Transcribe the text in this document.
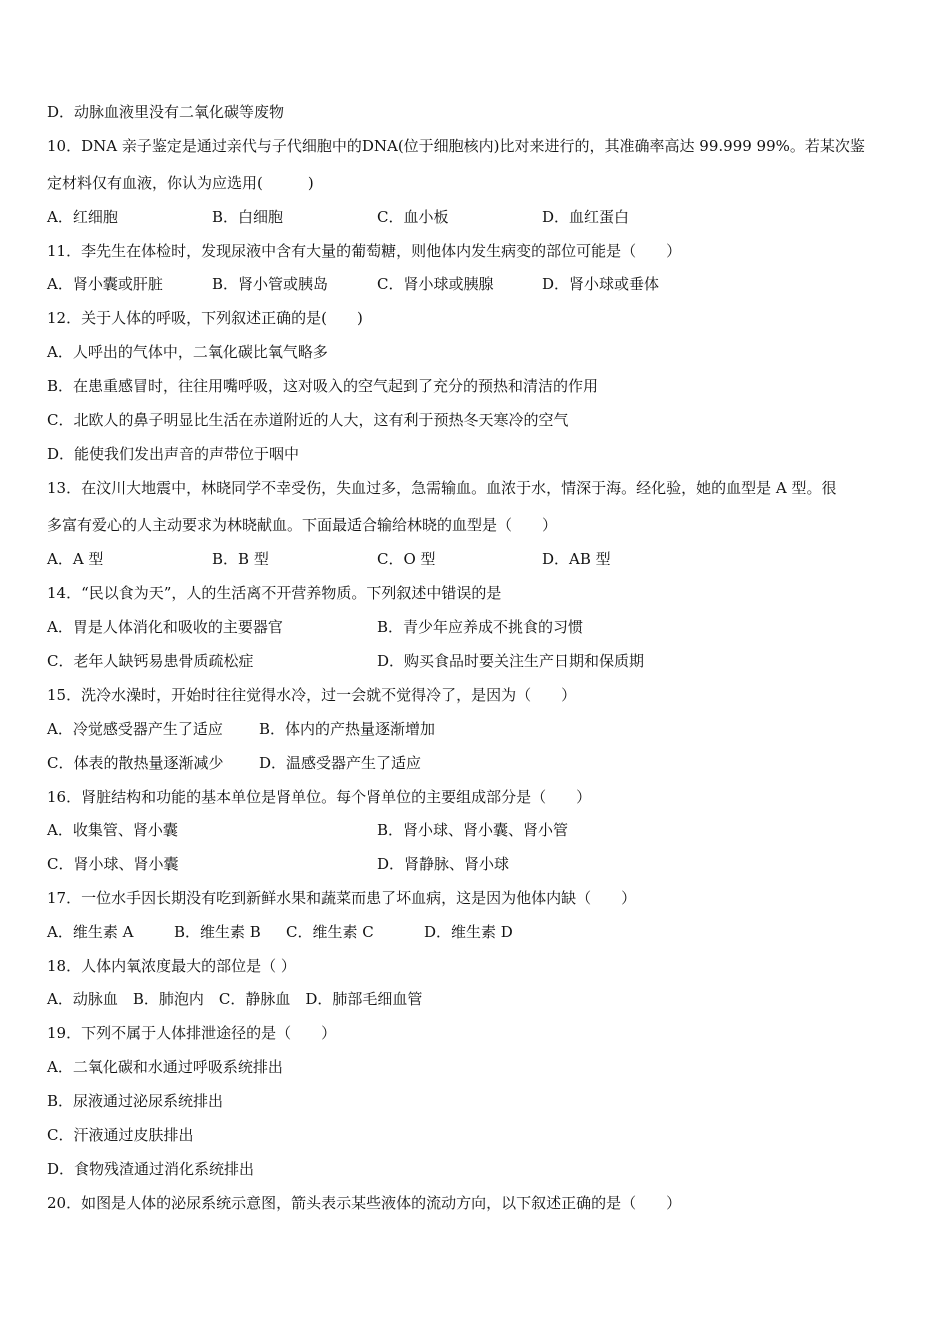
D．动脉血液里没有二氧化碳等废物
10．DNA 亲子鉴定是通过亲代与子代细胞中的DNA(位于细胞核内)比对来进行的，其准确率高达 99.999 99%。若某次鉴
定材料仅有血液，你认为应选用(　　　)
A．红细胞	B．白细胞	C．血小板	D．血红蛋白
11．李先生在体检时，发现尿液中含有大量的葡萄糖，则他体内发生病变的部位可能是（　　）
A．肾小囊或肝脏	B．肾小管或胰岛	C．肾小球或胰腺	D．肾小球或垂体
12．关于人体的呼吸，下列叙述正确的是(　　)
A．人呼出的气体中，二氧化碳比氧气略多
B．在患重感冒时，往往用嘴呼吸，这对吸入的空气起到了充分的预热和清洁的作用
C．北欧人的鼻子明显比生活在赤道附近的人大，这有利于预热冬天寒冷的空气
D．能使我们发出声音的声带位于咽中
13．在汶川大地震中，林晓同学不幸受伤，失血过多，急需输血。血浓于水，情深于海。经化验，她的血型是 A 型。很
多富有爱心的人主动要求为林晓献血。下面最适合输给林晓的血型是（　　）
A．A 型	B．B 型	C．O 型	D．AB 型
14．“民以食为天”，人的生活离不开营养物质。下列叙述中错误的是
A．胃是人体消化和吸收的主要器官	B．青少年应养成不挑食的习惯
C．老年人缺钙易患骨质疏松症	D．购买食品时要关注生产日期和保质期
15．洗冷水澡时，开始时往往觉得水冷，过一会就不觉得冷了，是因为（　　）
A．冷觉感受器产生了适应 B．体内的产热量逐渐增加
C．体表的散热量逐渐减少 D．温感受器产生了适应
16．肾脏结构和功能的基本单位是肾单位。每个肾单位的主要组成部分是（　　）
A．收集管、肾小囊	B．肾小球、肾小囊、肾小管
C．肾小球、肾小囊	D．肾静脉、肾小球
17．一位水手因长期没有吃到新鲜水果和蔬菜而患了坏血病，这是因为他体内缺（　　）
A．维生素 A	B．维生素 B C．维生素 C	D．维生素 D
18．人体内氧浓度最大的部位是（ ）
A．动脉血　B．肺泡内　C．静脉血　D．肺部毛细血管
19．下列不属于人体排泄途径的是（　　）
A．二氧化碳和水通过呼吸系统排出
B．尿液通过泌尿系统排出
C．汗液通过皮肤排出
D．食物残渣通过消化系统排出
20．如图是人体的泌尿系统示意图，箭头表示某些液体的流动方向，以下叙述正确的是（　　）
